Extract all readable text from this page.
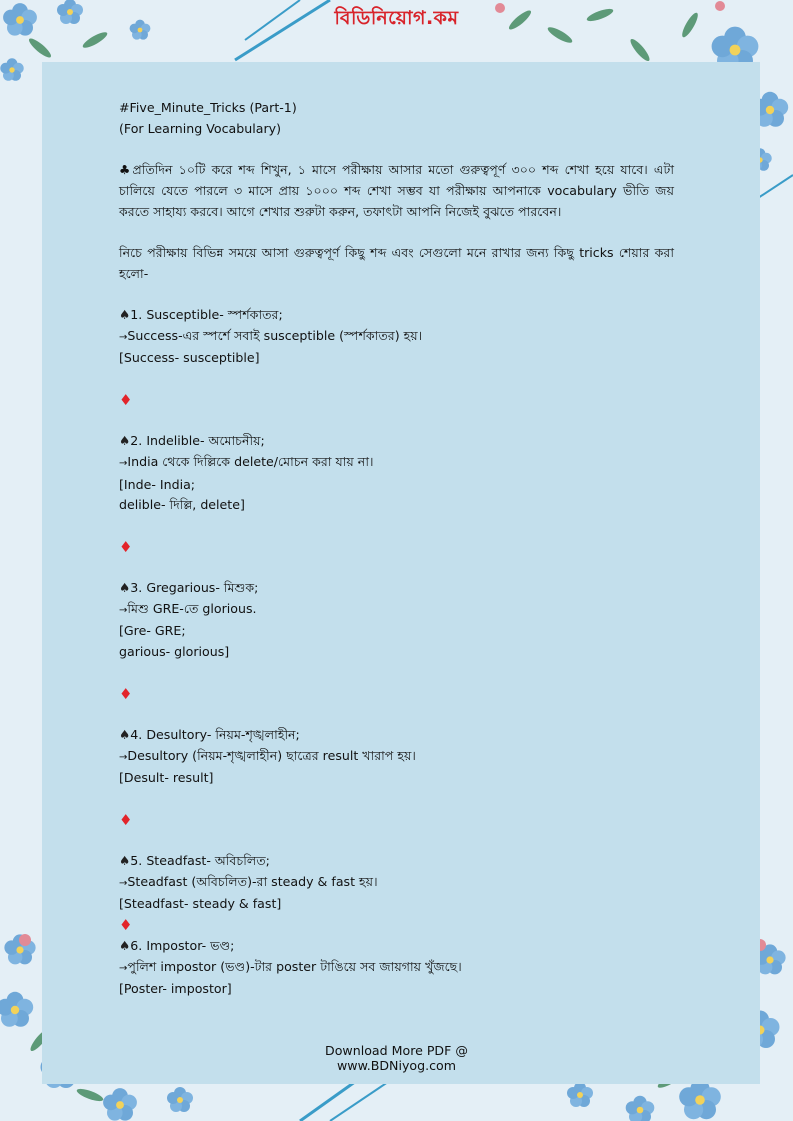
বিডিনিয়োগ.কম

#Five_Minute_Tricks (Part-1)

(For Learning Vocabulary)

♣প্রতিদিন ১০টি করে শব্দ শিখুন, ১ মাসে পরীক্ষায় আসার মতো গুরুত্বপূর্ণ ৩০০ শব্দ শেখা হয়ে যাবে। এটা চালিয়ে যেতে পারলে ৩ মাসে প্রায় ১০০০ শব্দ শেখা সম্ভব যা পরীক্ষায় আপনাকে vocabulary ভীতি জয় করতে সাহায্য করবে। আগে শেখার শুরুটা করুন, তফাৎটা আপনি নিজেই বুঝতে পারবেন।

নিচে পরীক্ষায় বিভিন্ন সময়ে আসা গুরুত্বপূর্ণ কিছু শব্দ এবং সেগুলো মনে রাখার জন্য কিছু tricks শেয়ার করা হলো-

♠1. Susceptible- স্পর্শকাতর;

→Success-এর স্পর্শে সবাই susceptible (স্পর্শকাতর) হয়।

[Success- susceptible]

♦

♠2. Indelible- অমোচনীয়;

→India থেকে দিল্লিকে delete/মোচন করা যায় না।

[Inde- India;

delible- দিল্লি, delete]

♦

♠3. Gregarious- মিশুক;

→মিশু GRE-তে glorious.

[Gre- GRE;

garious- glorious]

♦

♠4. Desultory- নিয়ম-শৃঙ্খলাহীন;

→Desultory (নিয়ম-শৃঙ্খলাহীন) ছাত্রের result খারাপ হয়।

[Desult- result]

♦

♠5. Steadfast- অবিচলিত;

→Steadfast (অবিচলিত)-রা steady & fast হয়।

[Steadfast- steady & fast]

♦

♠6. Impostor- ভণ্ড;

→পুলিশ impostor (ভণ্ড)-টার poster টাঙিয়ে সব জায়গায় খুঁজছে।

[Poster- impostor]

Download More PDF @
www.BDNiyog.com
